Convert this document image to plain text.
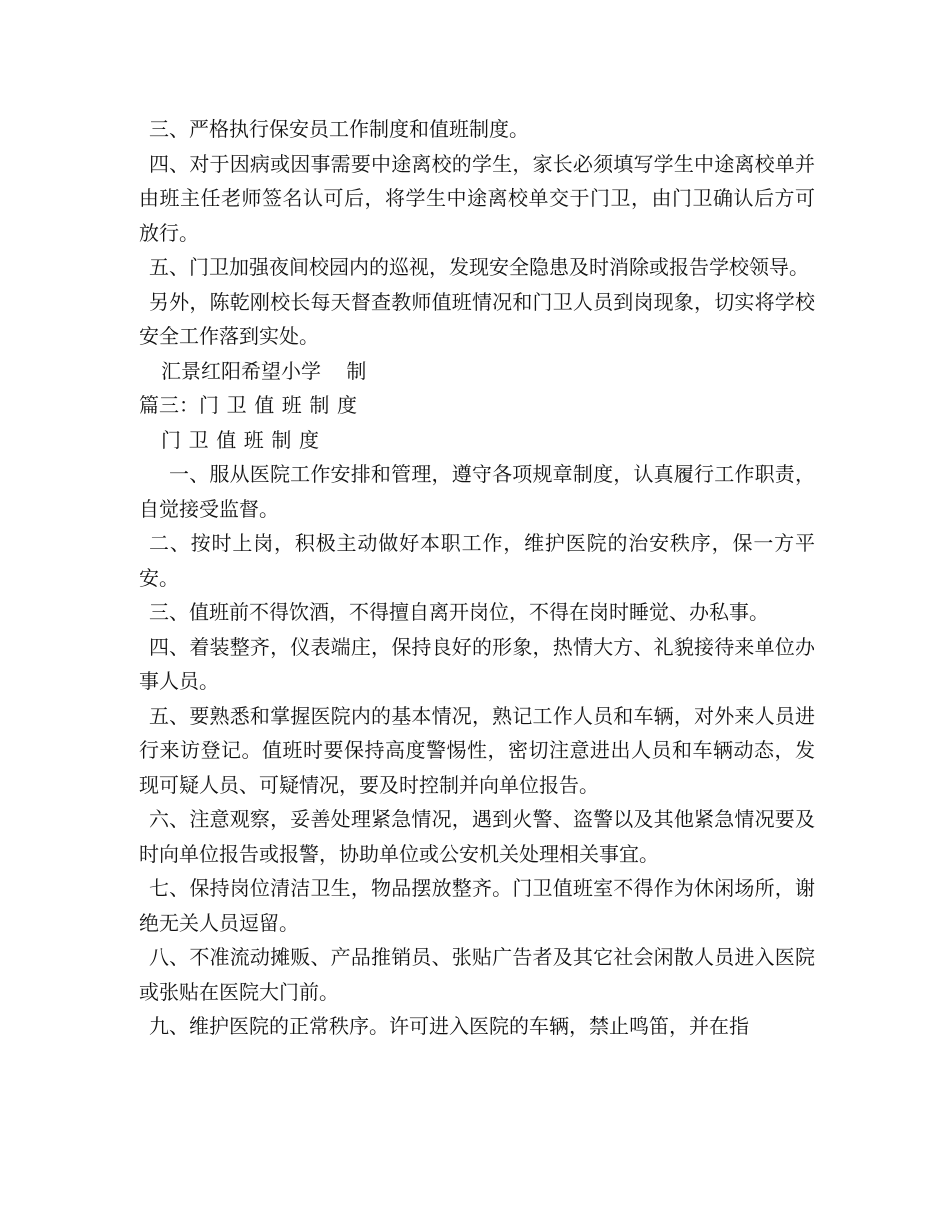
三、严格执行保安员工作制度和值班制度。

四、对于因病或因事需要中途离校的学生，家长必须填写学生中途离校单并由班主任老师签名认可后，将学生中途离校单交于门卫，由门卫确认后方可放行。

五、门卫加强夜间校园内的巡视，发现安全隐患及时消除或报告学校领导。

另外，陈乾刚校长每天督查教师值班情况和门卫人员到岗现象，切实将学校安全工作落到实处。

汇景红阳希望小学    制

篇三：门卫值班制度

门卫值班制度

一、服从医院工作安排和管理，遵守各项规章制度，认真履行工作职责，自觉接受监督。

二、按时上岗，积极主动做好本职工作，维护医院的治安秩序，保一方平安。

三、值班前不得饮酒，不得擅自离开岗位，不得在岗时睡觉、办私事。

四、着装整齐，仪表端庄，保持良好的形象，热情大方、礼貌接待来单位办事人员。

五、要熟悉和掌握医院内的基本情况，熟记工作人员和车辆，对外来人员进行来访登记。值班时要保持高度警惕性，密切注意进出人员和车辆动态，发现可疑人员、可疑情况，要及时控制并向单位报告。

六、注意观察，妥善处理紧急情况，遇到火警、盗警以及其他紧急情况要及时向单位报告或报警，协助单位或公安机关处理相关事宜。

七、保持岗位清洁卫生，物品摆放整齐。门卫值班室不得作为休闲场所，谢绝无关人员逗留。

八、不准流动摊贩、产品推销员、张贴广告者及其它社会闲散人员进入医院或张贴在医院大门前。

九、维护医院的正常秩序。许可进入医院的车辆，禁止鸣笛，并在指
